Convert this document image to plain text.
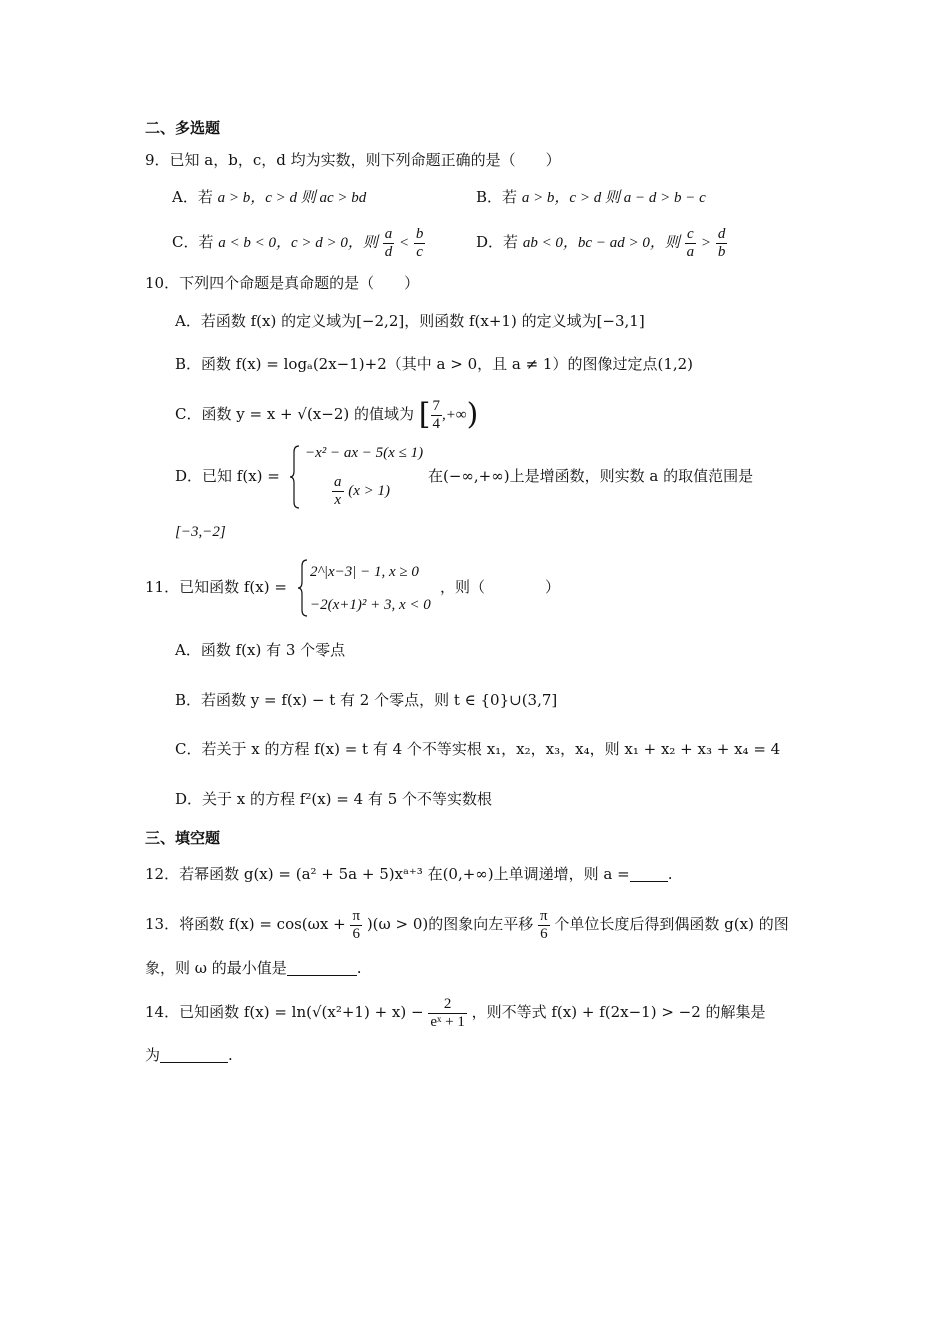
二、多选题
9．已知 a，b，c，d 均为实数，则下列命题正确的是（　　）
A．若 a > b，c > d 则 ac > bd	B．若 a > b，c > d 则 a − d > b − c
C．若 a < b < 0，c > d > 0，则 $\frac{a}{d} < \frac{b}{c}$	D．若 ab < 0，bc − ad > 0，则 $\frac{c}{a} > \frac{d}{b}$
10．下列四个命题是真命题的是（　　）
A．若函数 f(x) 的定义域为[−2,2]，则函数 f(x+1) 的定义域为[−3,1]
B．函数 f(x) = logₐ(2x−1)+2（其中 a > 0，且 a ≠ 1）的图像过定点(1,2)
C．函数 y = x + √(x−2) 的值域为 [ $\frac{7}{4}$ ,+∞)
D．已知 f(x) =
−x² − ax − 5(x ≤ 1)
$\frac{a}{x} (x > 1)$
在(−∞,+∞)上是增函数，则实数 a 的取值范围是
[−3,−2]
11．已知函数 f(x) =
2^|x−3| − 1, x ≥ 0
−2(x+1)² + 3, x < 0
，则（　　　　）
A．函数 f(x) 有 3 个零点
B．若函数 y = f(x) − t 有 2 个零点，则 t ∈ {0}∪(3,7]
C．若关于 x 的方程 f(x) = t 有 4 个不等实根 x₁，x₂，x₃，x₄，则 x₁ + x₂ + x₃ + x₄ = 4
D．关于 x 的方程 f²(x) = 4 有 5 个不等实数根
三、填空题
12．若幂函数 g(x) = (a² + 5a + 5)xᵃ⁺³ 在(0,+∞)上单调递增，则 a =	.
13．将函数 $f(x) = \cos(\omega x + \frac{\pi}{6} )(\omega > 0)$的图象向左平移 $\frac{\pi}{6}$ 个单位长度后得到偶函数 g(x) 的图
象，则 ω 的最小值是	.
14．已知函数 $f(x) = \ln(√(x^2+1) + x) - \frac{2}{\text{eˣ + 1}}$ ，则不等式 f(x) + f(2x−1) > −2 的解集是
为	.
